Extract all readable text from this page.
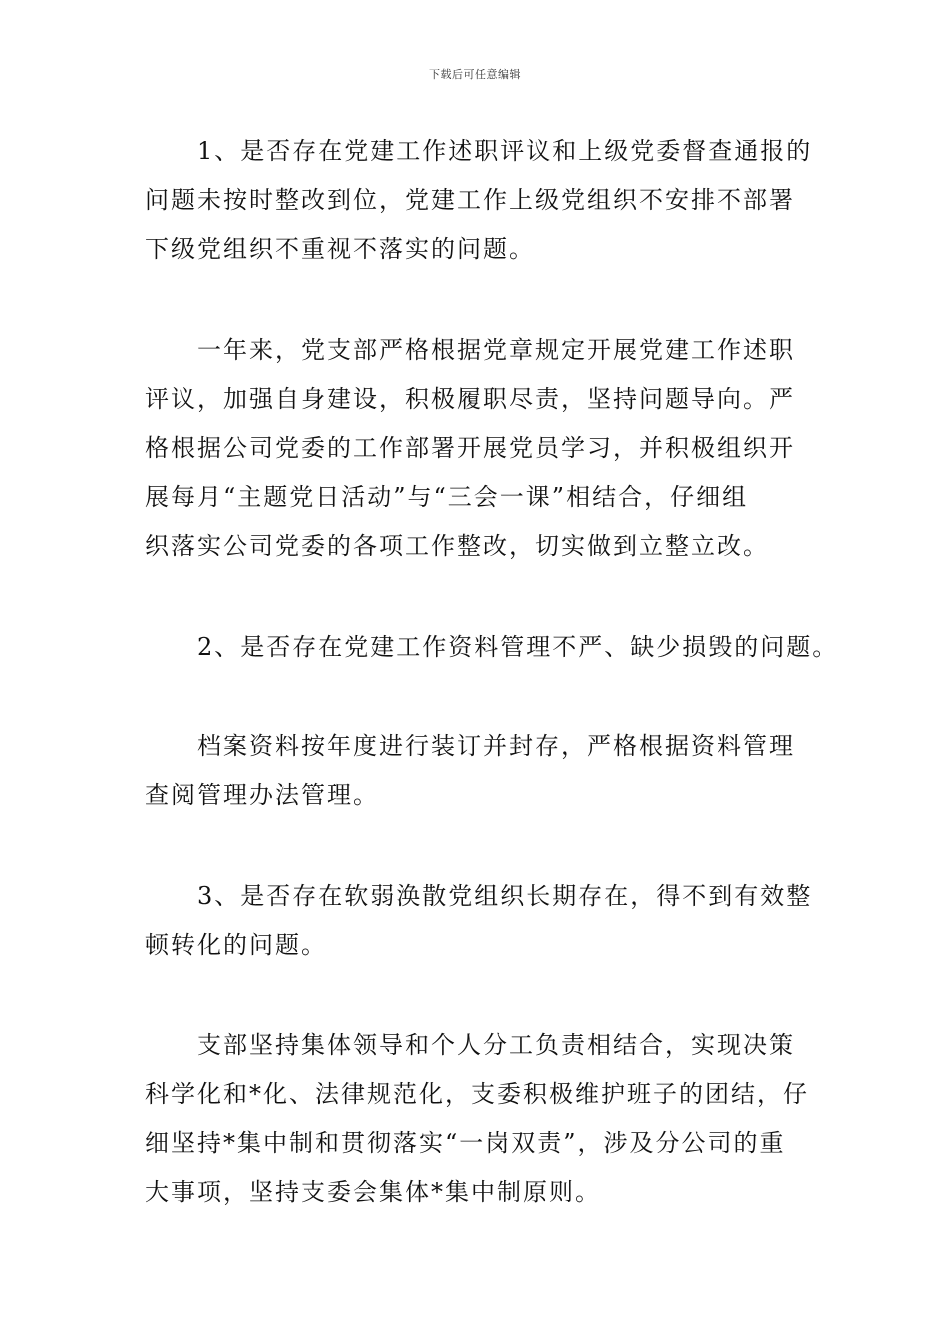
下载后可任意编辑
1、是否存在党建工作述职评议和上级党委督查通报的
问题未按时整改到位，党建工作上级党组织不安排不部署
下级党组织不重视不落实的问题。
一年来，党支部严格根据党章规定开展党建工作述职
评议，加强自身建设，积极履职尽责，坚持问题导向。严
格根据公司党委的工作部署开展党员学习，并积极组织开
展每月“主题党日活动”与“三会一课”相结合，仔细组
织落实公司党委的各项工作整改，切实做到立整立改。
2、是否存在党建工作资料管理不严、缺少损毁的问题。
档案资料按年度进行装订并封存，严格根据资料管理
查阅管理办法管理。
3、是否存在软弱涣散党组织长期存在，得不到有效整
顿转化的问题。
支部坚持集体领导和个人分工负责相结合，实现决策
科学化和*化、法律规范化，支委积极维护班子的团结，仔
细坚持*集中制和贯彻落实“一岗双责”，涉及分公司的重
大事项，坚持支委会集体*集中制原则。
